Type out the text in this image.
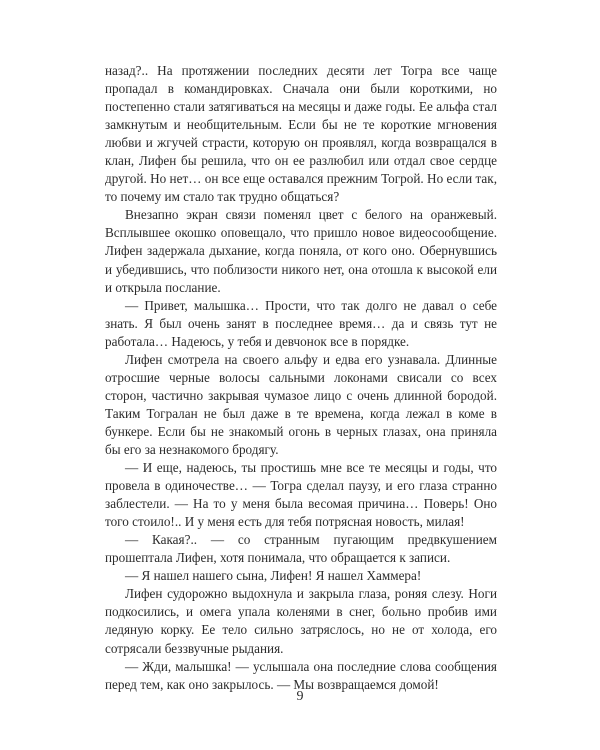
назад?.. На протяжении последних десяти лет Тогра все чаще пропадал в командировках. Сначала они были короткими, но постепенно стали затягиваться на месяцы и даже годы. Ее альфа стал замкнутым и необщительным. Если бы не те короткие мгновения любви и жгучей страсти, которую он проявлял, когда возвращался в клан, Лифен бы решила, что он ее разлюбил или отдал свое сердце другой. Но нет… он все еще оставался прежним Тогрой. Но если так, то почему им стало так трудно общаться?

Внезапно экран связи поменял цвет с белого на оранжевый. Всплывшее окошко оповещало, что пришло новое видеосообщение. Лифен задержала дыхание, когда поняла, от кого оно. Обернувшись и убедившись, что поблизости никого нет, она отошла к высокой ели и открыла послание.

— Привет, малышка… Прости, что так долго не давал о себе знать. Я был очень занят в последнее время… да и связь тут не работала… Надеюсь, у тебя и девчонок все в порядке.

Лифен смотрела на своего альфу и едва его узнавала. Длинные отросшие черные волосы сальными локонами свисали со всех сторон, частично закрывая чумазое лицо с очень длинной бородой. Таким Тогралан не был даже в те времена, когда лежал в коме в бункере. Если бы не знакомый огонь в черных глазах, она приняла бы его за незнакомого бродягу.

— И еще, надеюсь, ты простишь мне все те месяцы и годы, что провела в одиночестве… — Тогра сделал паузу, и его глаза странно заблестели. — На то у меня была весомая причина… Поверь! Оно того стоило!.. И у меня есть для тебя потрясная новость, милая!

— Какая?.. — со странным пугающим предвкушением прошептала Лифен, хотя понимала, что обращается к записи.

— Я нашел нашего сына, Лифен! Я нашел Хаммера!

Лифен судорожно выдохнула и закрыла глаза, роняя слезу. Ноги подкосились, и омега упала коленями в снег, больно пробив ими ледяную корку. Ее тело сильно затряслось, но не от холода, его сотрясали беззвучные рыдания.

— Жди, малышка! — услышала она последние слова сообщения перед тем, как оно закрылось. — Мы возвращаемся домой!

9
